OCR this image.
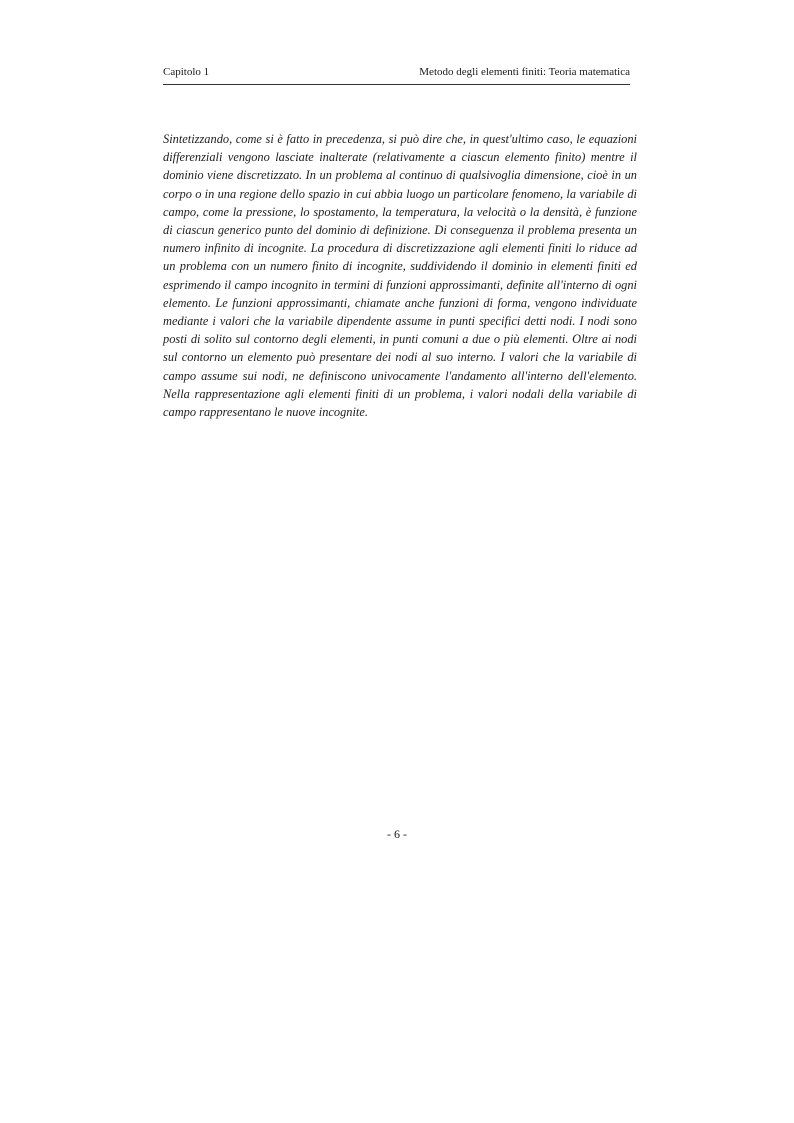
Capitolo 1	Metodo degli elementi finiti: Teoria matematica

Sintetizzando, come si è fatto in precedenza, si può dire che, in quest'ultimo caso, le equazioni differenziali vengono lasciate inalterate (relativamente a ciascun elemento finito) mentre il dominio viene discretizzato. In un problema al continuo di qualsivoglia dimensione, cioè in un corpo o in una regione dello spazio in cui abbia luogo un particolare fenomeno, la variabile di campo, come la pressione, lo spostamento, la temperatura, la velocità o la densità, è funzione di ciascun generico punto del dominio di definizione. Di conseguenza il problema presenta un numero infinito di incognite. La procedura di discretizzazione agli elementi finiti lo riduce ad un problema con un numero finito di incognite, suddividendo il dominio in elementi finiti ed esprimendo il campo incognito in termini di funzioni approssimanti, definite all'interno di ogni elemento. Le funzioni approssimanti, chiamate anche funzioni di forma, vengono individuate mediante i valori che la variabile dipendente assume in punti specifici detti nodi. I nodi sono posti di solito sul contorno degli elementi, in punti comuni a due o più elementi. Oltre ai nodi sul contorno un elemento può presentare dei nodi al suo interno. I valori che la variabile di campo assume sui nodi, ne definiscono univocamente l'andamento all'interno dell'elemento. Nella rappresentazione agli elementi finiti di un problema, i valori nodali della variabile di campo rappresentano le nuove incognite.

- 6 -
